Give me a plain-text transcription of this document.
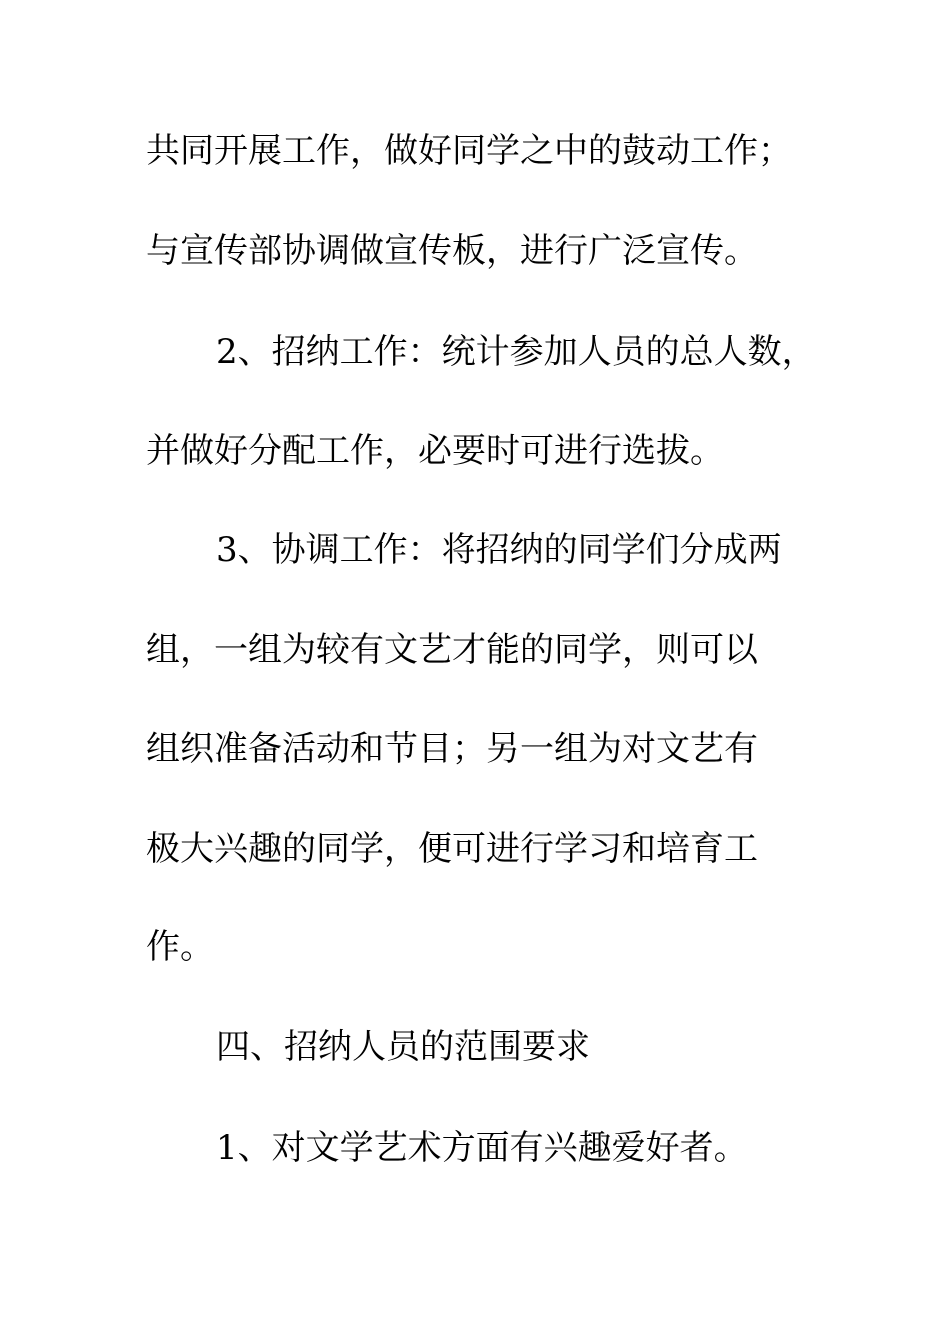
共同开展工作，做好同学之中的鼓动工作；
与宣传部协调做宣传板，进行广泛宣传。
2、招纳工作：统计参加人员的总人数，
并做好分配工作，必要时可进行选拔。
3、协调工作：将招纳的同学们分成两
组，一组为较有文艺才能的同学，则可以
组织准备活动和节目；另一组为对文艺有
极大兴趣的同学，便可进行学习和培育工
作。
四、招纳人员的范围要求
1、对文学艺术方面有兴趣爱好者。
